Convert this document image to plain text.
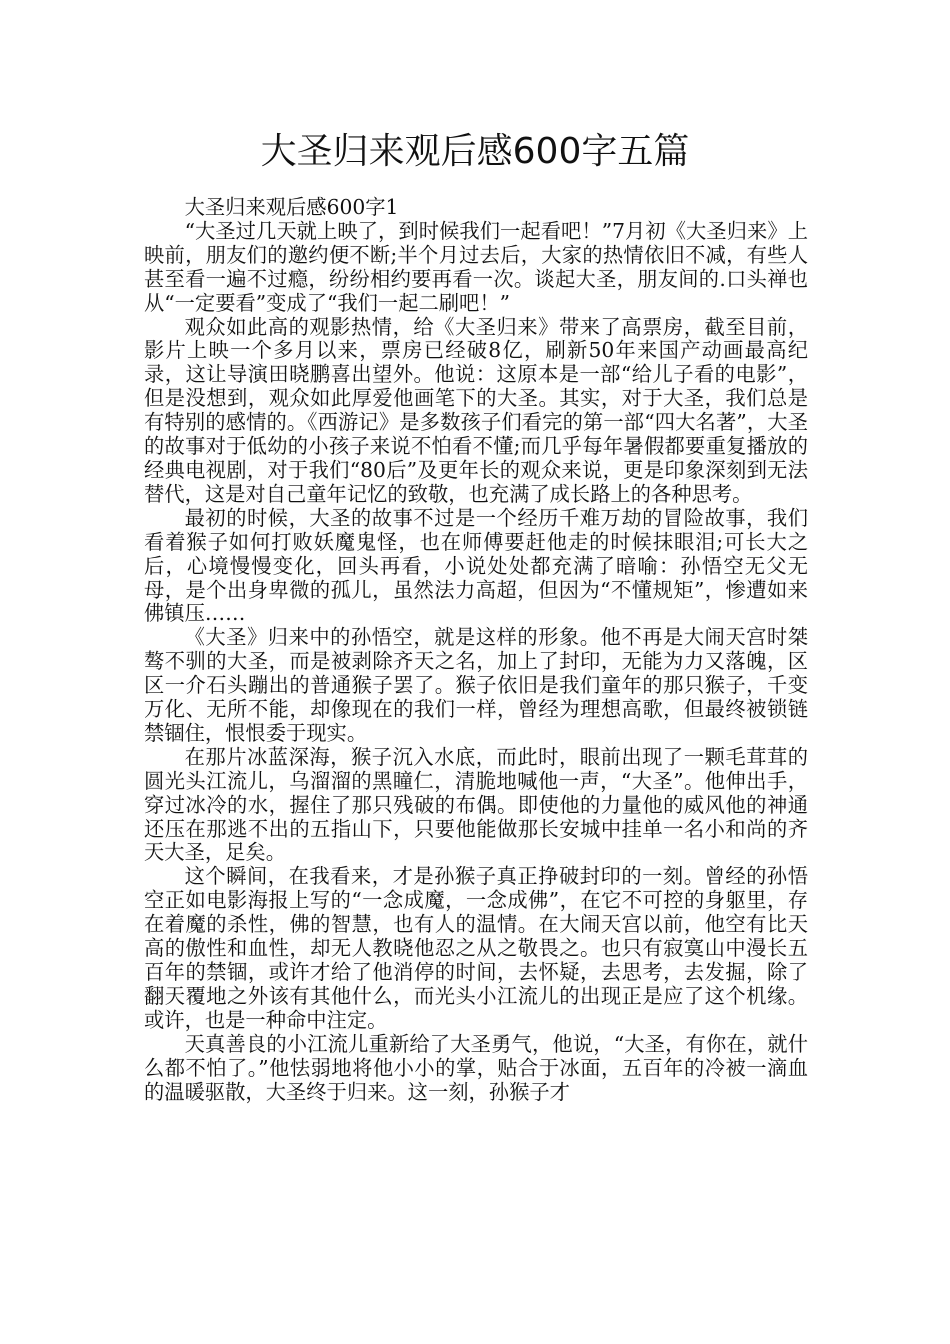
大圣归来观后感600字五篇

大圣归来观后感600字1

“大圣过几天就上映了，到时候我们一起看吧！”7月初《大圣归来》上映前，朋友们的邀约便不断;半个月过去后，大家的热情依旧不减，有些人甚至看一遍不过瘾，纷纷相约要再看一次。谈起大圣，朋友间的.口头禅也从“一定要看”变成了“我们一起二刷吧！”

观众如此高的观影热情，给《大圣归来》带来了高票房，截至目前，影片上映一个多月以来，票房已经破8亿，刷新50年来国产动画最高纪录，这让导演田晓鹏喜出望外。他说：这原本是一部“给儿子看的电影”，但是没想到，观众如此厚爱他画笔下的大圣。其实，对于大圣，我们总是有特别的感情的。《西游记》是多数孩子们看完的第一部“四大名著”，大圣的故事对于低幼的小孩子来说不怕看不懂;而几乎每年暑假都要重复播放的经典电视剧，对于我们“80后”及更年长的观众来说，更是印象深刻到无法替代，这是对自己童年记忆的致敬，也充满了成长路上的各种思考。

最初的时候，大圣的故事不过是一个经历千难万劫的冒险故事，我们看着猴子如何打败妖魔鬼怪，也在师傅要赶他走的时候抹眼泪;可长大之后，心境慢慢变化，回头再看，小说处处都充满了暗喻：孙悟空无父无母，是个出身卑微的孤儿，虽然法力高超，但因为“不懂规矩”，惨遭如来佛镇压……

《大圣》归来中的孙悟空，就是这样的形象。他不再是大闹天宫时桀骜不驯的大圣，而是被剥除齐天之名，加上了封印，无能为力又落魄，区区一介石头蹦出的普通猴子罢了。猴子依旧是我们童年的那只猴子，千变万化、无所不能，却像现在的我们一样，曾经为理想高歌，但最终被锁链禁锢住，恨恨委于现实。

在那片冰蓝深海，猴子沉入水底，而此时，眼前出现了一颗毛茸茸的圆光头江流儿，乌溜溜的黑瞳仁，清脆地喊他一声，“大圣”。他伸出手，穿过冰冷的水，握住了那只残破的布偶。即使他的力量他的威风他的神通还压在那逃不出的五指山下，只要他能做那长安城中挂单一名小和尚的齐天大圣，足矣。

这个瞬间，在我看来，才是孙猴子真正挣破封印的一刻。曾经的孙悟空正如电影海报上写的“一念成魔，一念成佛”，在它不可控的身躯里，存在着魔的杀性，佛的智慧，也有人的温情。在大闹天宫以前，他空有比天高的傲性和血性，却无人教晓他忍之从之敬畏之。也只有寂寞山中漫长五百年的禁锢，或许才给了他消停的时间，去怀疑，去思考，去发掘，除了翻天覆地之外该有其他什么，而光头小江流儿的出现正是应了这个机缘。或许，也是一种命中注定。

天真善良的小江流儿重新给了大圣勇气，他说，“大圣，有你在，就什么都不怕了。”他怯弱地将他小小的掌，贴合于冰面，五百年的冷被一滴血的温暖驱散，大圣终于归来。这一刻，孙猴子才
